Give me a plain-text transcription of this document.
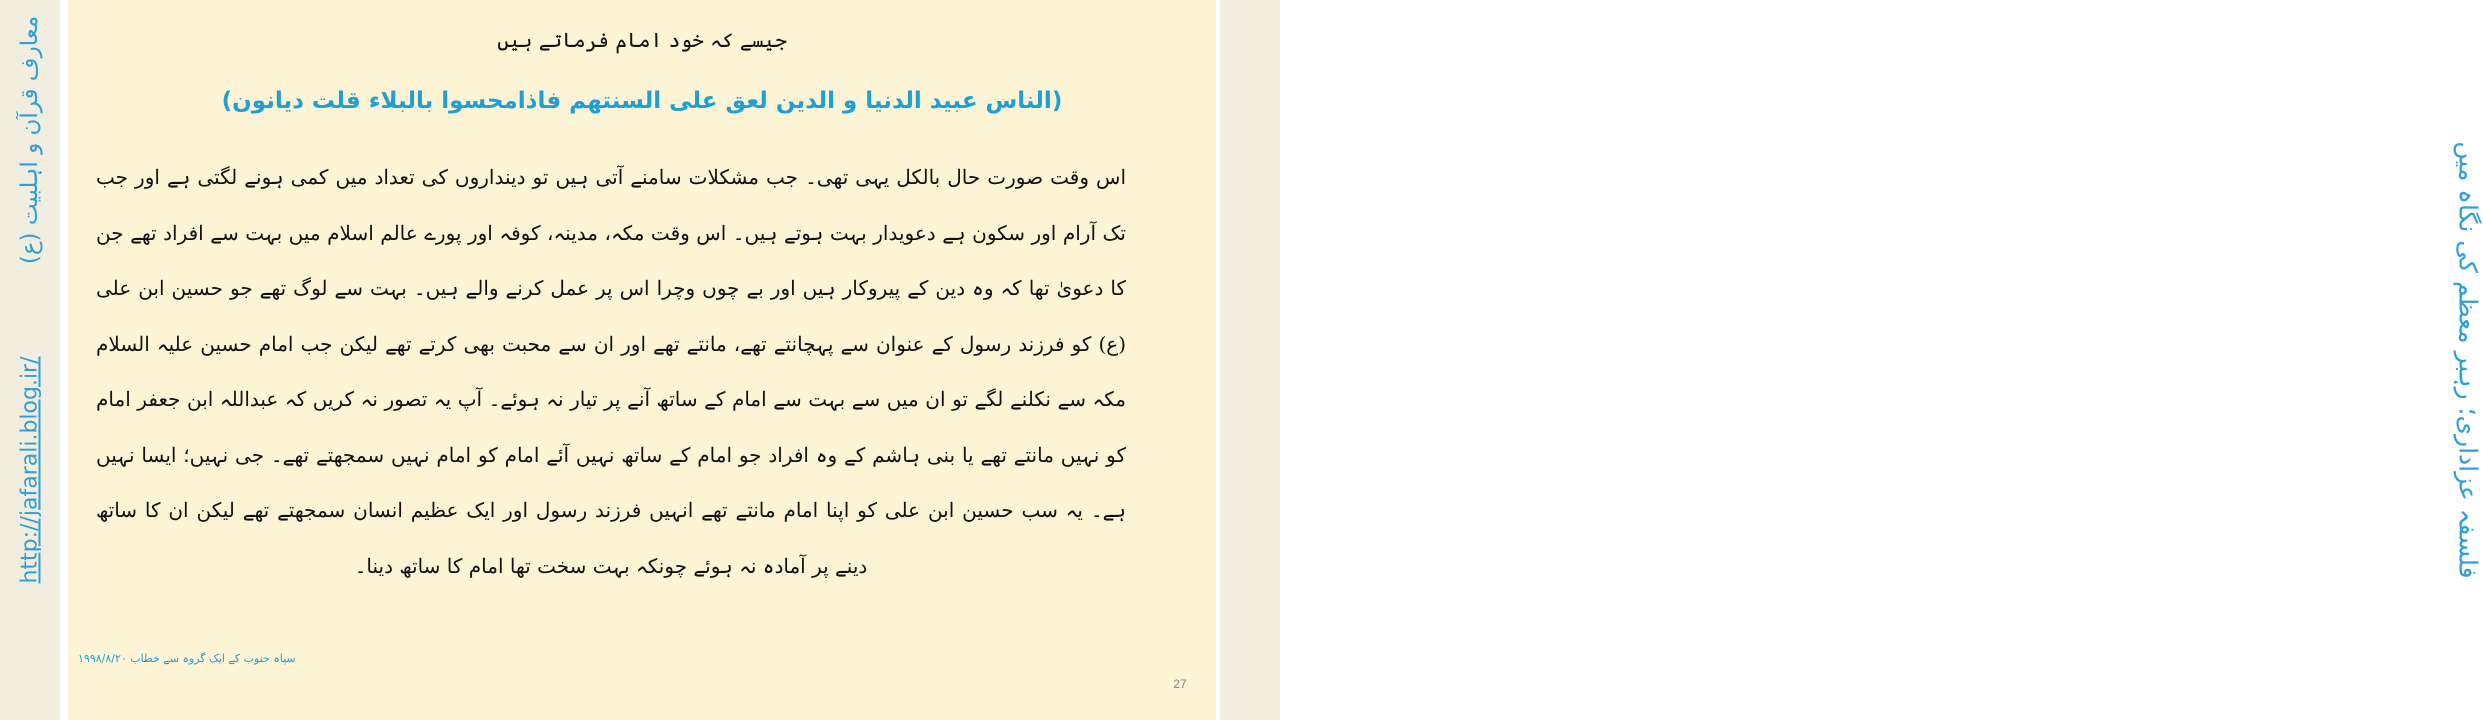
معارف قرآن و اہلبیت (ع)
http://jafarali.blog.ir/
جیسے کہ خود امام فرماتے ہیں
(الناس عبيد الدنيا و الدين لعق على السنتهم فاذامحسوا بالبلاء قلت ديانون)
اس وقت صورت حال بالکل یہی تھی۔ جب مشکلات سامنے آتی ہیں تو دینداروں کی تعداد میں کمی ہونے لگتی ہے اور جب تک آرام اور سکون ہے دعویدار بہت ہوتے ہیں۔ اس وقت مکہ، مدینہ، کوفہ اور پورے عالم اسلام میں بہت سے افراد تھے جن کا دعویٰ تھا کہ وہ دین کے پیروکار ہیں اور بے چوں وچرا اس پر عمل کرنے والے ہیں۔ بہت سے لوگ تھے جو حسین ابن علی (ع) کو فرزند رسول کے عنوان سے پہچانتے تھے، مانتے تھے اور ان سے محبت بھی کرتے تھے لیکن جب امام حسین علیہ السلام مکہ سے نکلنے لگے تو ان میں سے بہت سے امام کے ساتھ آنے پر تیار نہ ہوئے۔ آپ یہ تصور نہ کریں کہ عبداللہ ابن جعفر امام کو نہیں مانتے تھے یا بنی ہاشم کے وہ افراد جو امام کے ساتھ نہیں آئے امام کو امام نہیں سمجھتے تھے۔ جی نہیں؛ ایسا نہیں ہے۔ یہ سب حسین ابن علی کو اپنا امام مانتے تھے انہیں فرزند رسول اور ایک عظیم انسان سمجھتے تھے لیکن ان کا ساتھ دینے پر آمادہ نہ ہوئے چونکہ بہت سخت تھا امام کا ساتھ دینا۔
سپاہ جنوب کے ایک گروہ سے خطاب ۱۹۹۸/۸/۲۰
27
فلسفہ عزاداری؛ رہبر معظم کی نگاہ میں
